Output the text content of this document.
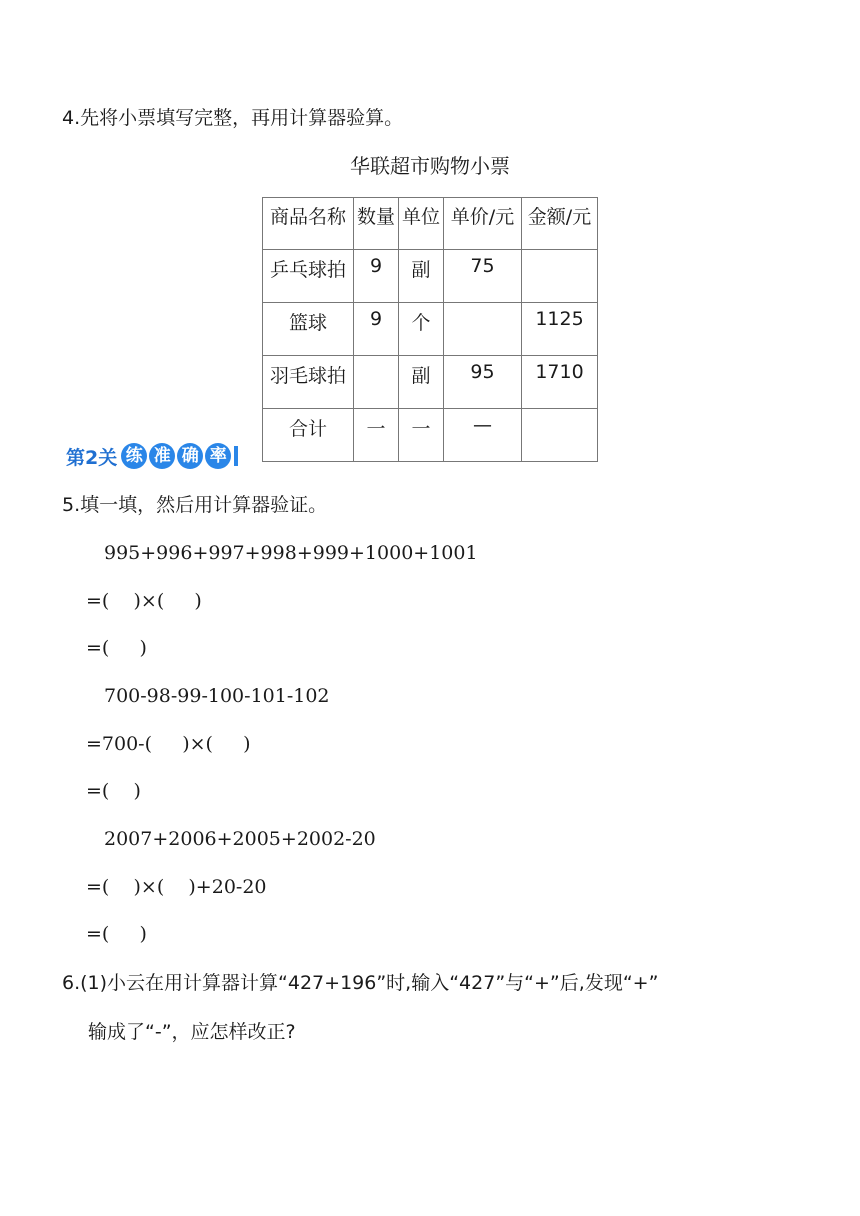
4.先将小票填写完整，再用计算器验算。
华联超市购物小票
商品名称	数量	单位	单价/元	金额/元
乒乓球拍	9	副	75	
篮球	9	个		1125
羽毛球拍		副	95	1710
合计	一	一	—	
第2关 练 准 确 率
5.填一填，然后用计算器验证。
995+996+997+998+999+1000+1001
=(    )×(     )
=(     )
700-98-99-100-101-102
=700-(     )×(     )
=(    )
2007+2006+2005+2002-20
=(    )×(    )+20-20
=(     )
6.(1)小云在用计算器计算“427+196”时,输入“427”与“+”后,发现“+”
输成了“-”，应怎样改正?
